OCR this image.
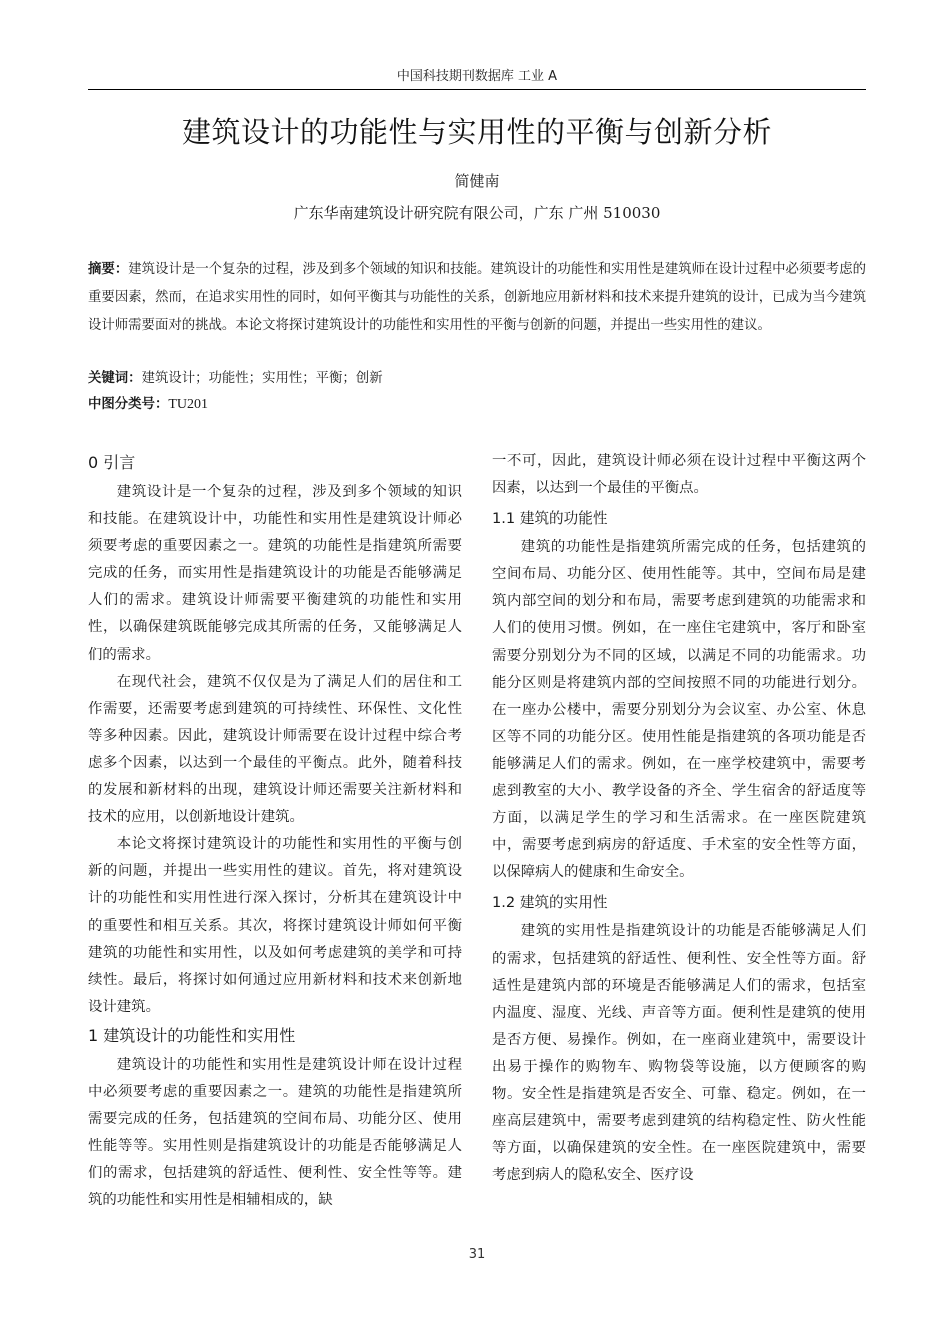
中国科技期刊数据库 工业 A
建筑设计的功能性与实用性的平衡与创新分析
简健南
广东华南建筑设计研究院有限公司，广东 广州 510030
摘要：建筑设计是一个复杂的过程，涉及到多个领域的知识和技能。建筑设计的功能性和实用性是建筑师在设计过程中必须要考虑的重要因素，然而，在追求实用性的同时，如何平衡其与功能性的关系，创新地应用新材料和技术来提升建筑的设计，已成为当今建筑设计师需要面对的挑战。本论文将探讨建筑设计的功能性和实用性的平衡与创新的问题，并提出一些实用性的建议。
关键词：建筑设计；功能性；实用性；平衡；创新
中图分类号：TU201
0 引言

建筑设计是一个复杂的过程，涉及到多个领域的知识和技能。在建筑设计中，功能性和实用性是建筑设计师必须要考虑的重要因素之一。建筑的功能性是指建筑所需要完成的任务，而实用性是指建筑设计的功能是否能够满足人们的需求。建筑设计师需要平衡建筑的功能性和实用性，以确保建筑既能够完成其所需的任务，又能够满足人们的需求。

在现代社会，建筑不仅仅是为了满足人们的居住和工作需要，还需要考虑到建筑的可持续性、环保性、文化性等多种因素。因此，建筑设计师需要在设计过程中综合考虑多个因素，以达到一个最佳的平衡点。此外，随着科技的发展和新材料的出现，建筑设计师还需要关注新材料和技术的应用，以创新地设计建筑。

本论文将探讨建筑设计的功能性和实用性的平衡与创新的问题，并提出一些实用性的建议。首先，将对建筑设计的功能性和实用性进行深入探讨，分析其在建筑设计中的重要性和相互关系。其次，将探讨建筑设计师如何平衡建筑的功能性和实用性，以及如何考虑建筑的美学和可持续性。最后，将探讨如何通过应用新材料和技术来创新地设计建筑。

1 建筑设计的功能性和实用性

建筑设计的功能性和实用性是建筑设计师在设计过程中必须要考虑的重要因素之一。建筑的功能性是指建筑所需要完成的任务，包括建筑的空间布局、功能分区、使用性能等等。实用性则是指建筑设计的功能是否能够满足人们的需求，包括建筑的舒适性、便利性、安全性等等。建筑的功能性和实用性是相辅相成的，缺

一不可，因此，建筑设计师必须在设计过程中平衡这两个因素，以达到一个最佳的平衡点。

1.1 建筑的功能性

建筑的功能性是指建筑所需完成的任务，包括建筑的空间布局、功能分区、使用性能等。其中，空间布局是建筑内部空间的划分和布局，需要考虑到建筑的功能需求和人们的使用习惯。例如，在一座住宅建筑中，客厅和卧室需要分别划分为不同的区域，以满足不同的功能需求。功能分区则是将建筑内部的空间按照不同的功能进行划分。在一座办公楼中，需要分别划分为会议室、办公室、休息区等不同的功能分区。使用性能是指建筑的各项功能是否能够满足人们的需求。例如，在一座学校建筑中，需要考虑到教室的大小、教学设备的齐全、学生宿舍的舒适度等方面，以满足学生的学习和生活需求。在一座医院建筑中，需要考虑到病房的舒适度、手术室的安全性等方面，以保障病人的健康和生命安全。

1.2 建筑的实用性

建筑的实用性是指建筑设计的功能是否能够满足人们的需求，包括建筑的舒适性、便利性、安全性等方面。舒适性是建筑内部的环境是否能够满足人们的需求，包括室内温度、湿度、光线、声音等方面。便利性是建筑的使用是否方便、易操作。例如，在一座商业建筑中，需要设计出易于操作的购物车、购物袋等设施，以方便顾客的购物。安全性是指建筑是否安全、可靠、稳定。例如，在一座高层建筑中，需要考虑到建筑的结构稳定性、防火性能等方面，以确保建筑的安全性。在一座医院建筑中，需要考虑到病人的隐私安全、医疗设

31
